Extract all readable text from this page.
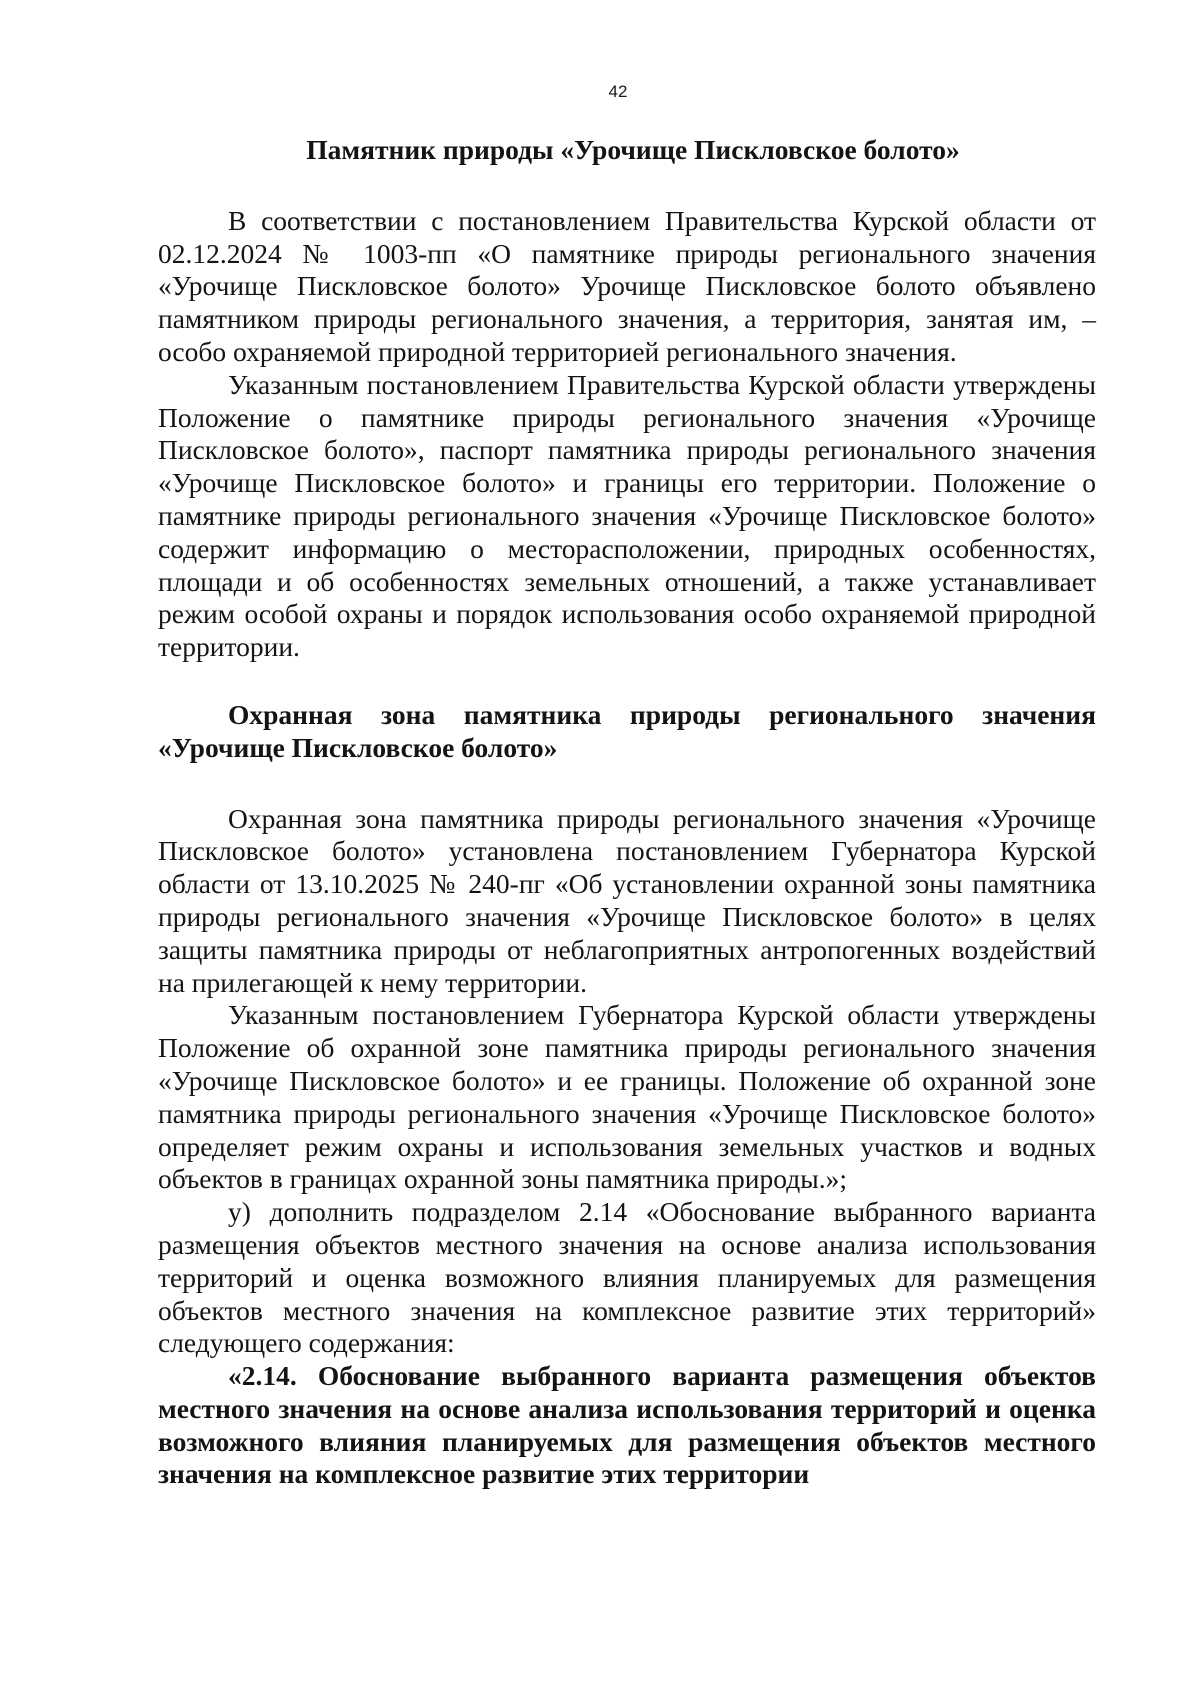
42

Памятник природы «Урочище Пискловское болото»

В соответствии с постановлением Правительства Курской области от 02.12.2024 № 1003-пп «О памятнике природы регионального значения «Урочище Пискловское болото» Урочище Пискловское болото объявлено памятником природы регионального значения, а территория, занятая им, – особо охраняемой природной территорией регионального значения.

Указанным постановлением Правительства Курской области утверждены Положение о памятнике природы регионального значения «Урочище Пискловское болото», паспорт памятника природы регионального значения «Урочище Пискловское болото» и границы его территории. Положение о памятнике природы регионального значения «Урочище Пискловское болото» содержит информацию о месторасположении, природных особенностях, площади и об особенностях земельных отношений, а также устанавливает режим особой охраны и порядок использования особо охраняемой природной территории.

Охранная зона памятника природы регионального значения «Урочище Пискловское болото»

Охранная зона памятника природы регионального значения «Урочище Пискловское болото» установлена постановлением Губернатора Курской области от 13.10.2025 № 240-пг «Об установлении охранной зоны памятника природы регионального значения «Урочище Пискловское болото» в целях защиты памятника природы от неблагоприятных антропогенных воздействий на прилегающей к нему территории.

Указанным постановлением Губернатора Курской области утверждены Положение об охранной зоне памятника природы регионального значения «Урочище Пискловское болото» и ее границы. Положение об охранной зоне памятника природы регионального значения «Урочище Пискловское болото» определяет режим охраны и использования земельных участков и водных объектов в границах охранной зоны памятника природы.»;

у) дополнить подразделом 2.14 «Обоснование выбранного варианта размещения объектов местного значения на основе анализа использования территорий и оценка возможного влияния планируемых для размещения объектов местного значения на комплексное развитие этих территорий» следующего содержания:

«2.14. Обоснование выбранного варианта размещения объектов местного значения на основе анализа использования территорий и оценка возможного влияния планируемых для размещения объектов местного значения на комплексное развитие этих территории
